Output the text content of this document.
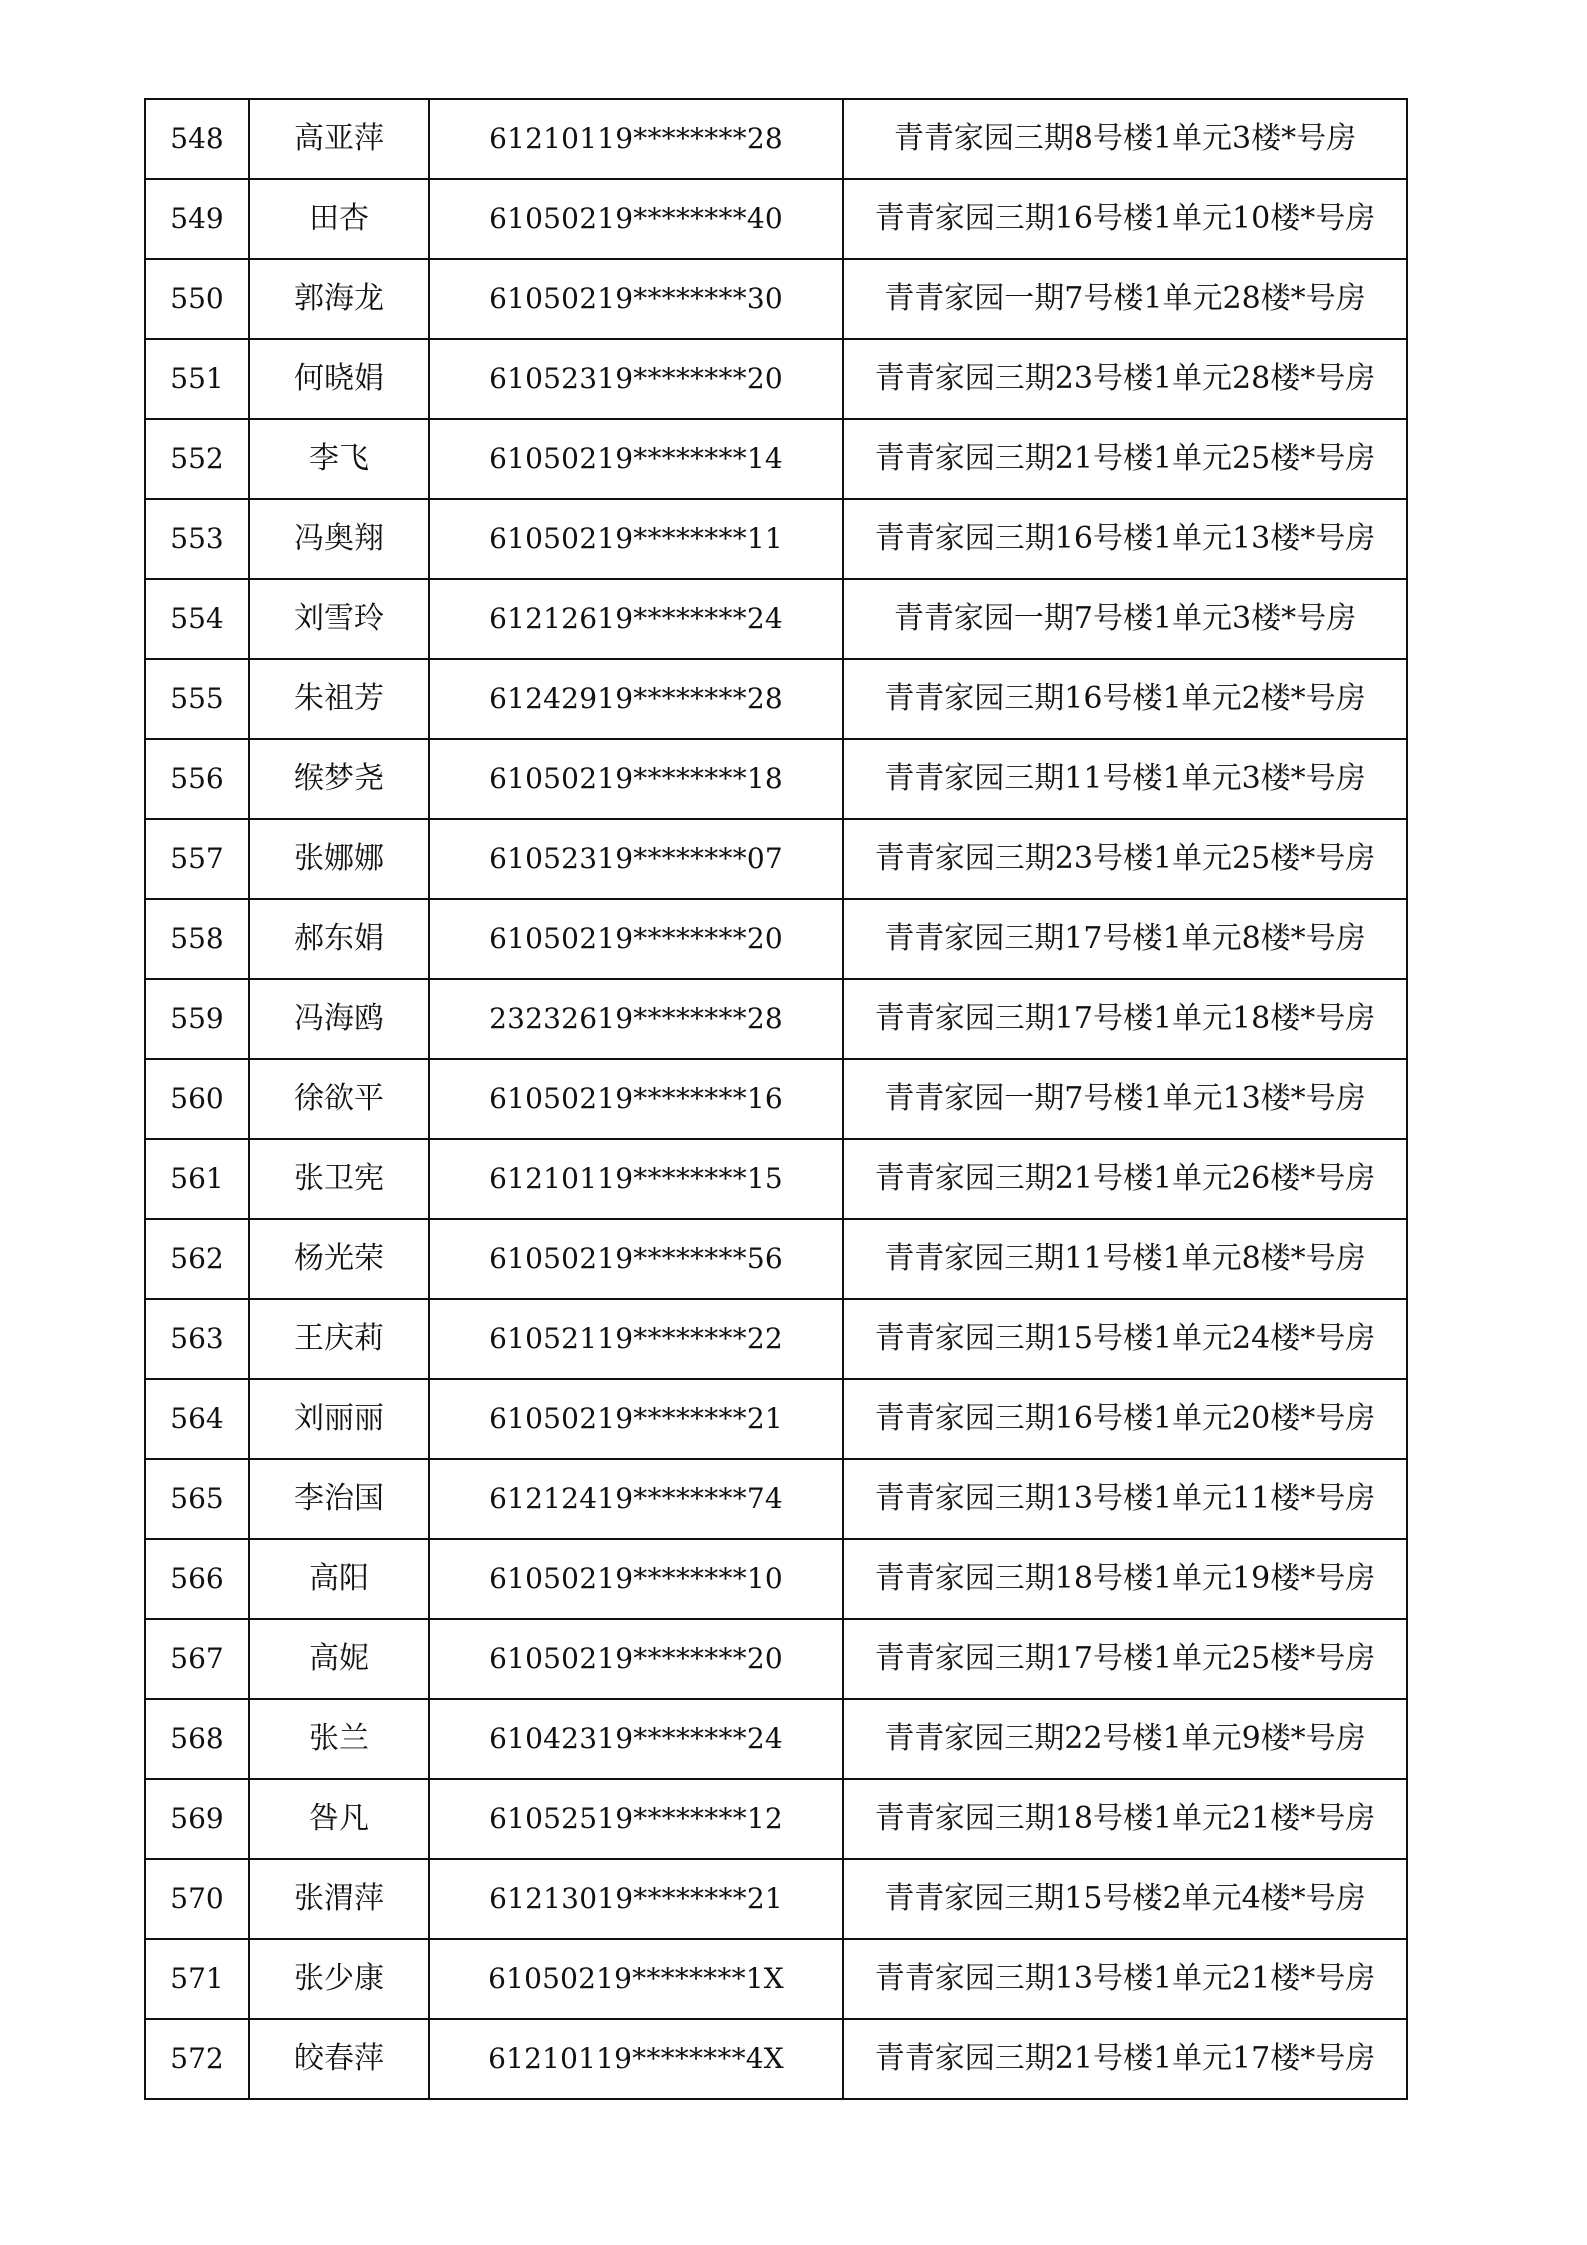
548	高亚萍	61210119********28	青青家园三期8号楼1单元3楼*号房
549	田杏	61050219********40	青青家园三期16号楼1单元10楼*号房
550	郭海龙	61050219********30	青青家园一期7号楼1单元28楼*号房
551	何晓娟	61052319********20	青青家园三期23号楼1单元28楼*号房
552	李飞	61050219********14	青青家园三期21号楼1单元25楼*号房
553	冯奥翔	61050219********11	青青家园三期16号楼1单元13楼*号房
554	刘雪玲	61212619********24	青青家园一期7号楼1单元3楼*号房
555	朱祖芳	61242919********28	青青家园三期16号楼1单元2楼*号房
556	缑梦尧	61050219********18	青青家园三期11号楼1单元3楼*号房
557	张娜娜	61052319********07	青青家园三期23号楼1单元25楼*号房
558	郝东娟	61050219********20	青青家园三期17号楼1单元8楼*号房
559	冯海鸥	23232619********28	青青家园三期17号楼1单元18楼*号房
560	徐欲平	61050219********16	青青家园一期7号楼1单元13楼*号房
561	张卫宪	61210119********15	青青家园三期21号楼1单元26楼*号房
562	杨光荣	61050219********56	青青家园三期11号楼1单元8楼*号房
563	王庆莉	61052119********22	青青家园三期15号楼1单元24楼*号房
564	刘丽丽	61050219********21	青青家园三期16号楼1单元20楼*号房
565	李治国	61212419********74	青青家园三期13号楼1单元11楼*号房
566	高阳	61050219********10	青青家园三期18号楼1单元19楼*号房
567	高妮	61050219********20	青青家园三期17号楼1单元25楼*号房
568	张兰	61042319********24	青青家园三期22号楼1单元9楼*号房
569	咎凡	61052519********12	青青家园三期18号楼1单元21楼*号房
570	张渭萍	61213019********21	青青家园三期15号楼2单元4楼*号房
571	张少康	61050219********1X	青青家园三期13号楼1单元21楼*号房
572	皎春萍	61210119********4X	青青家园三期21号楼1单元17楼*号房
